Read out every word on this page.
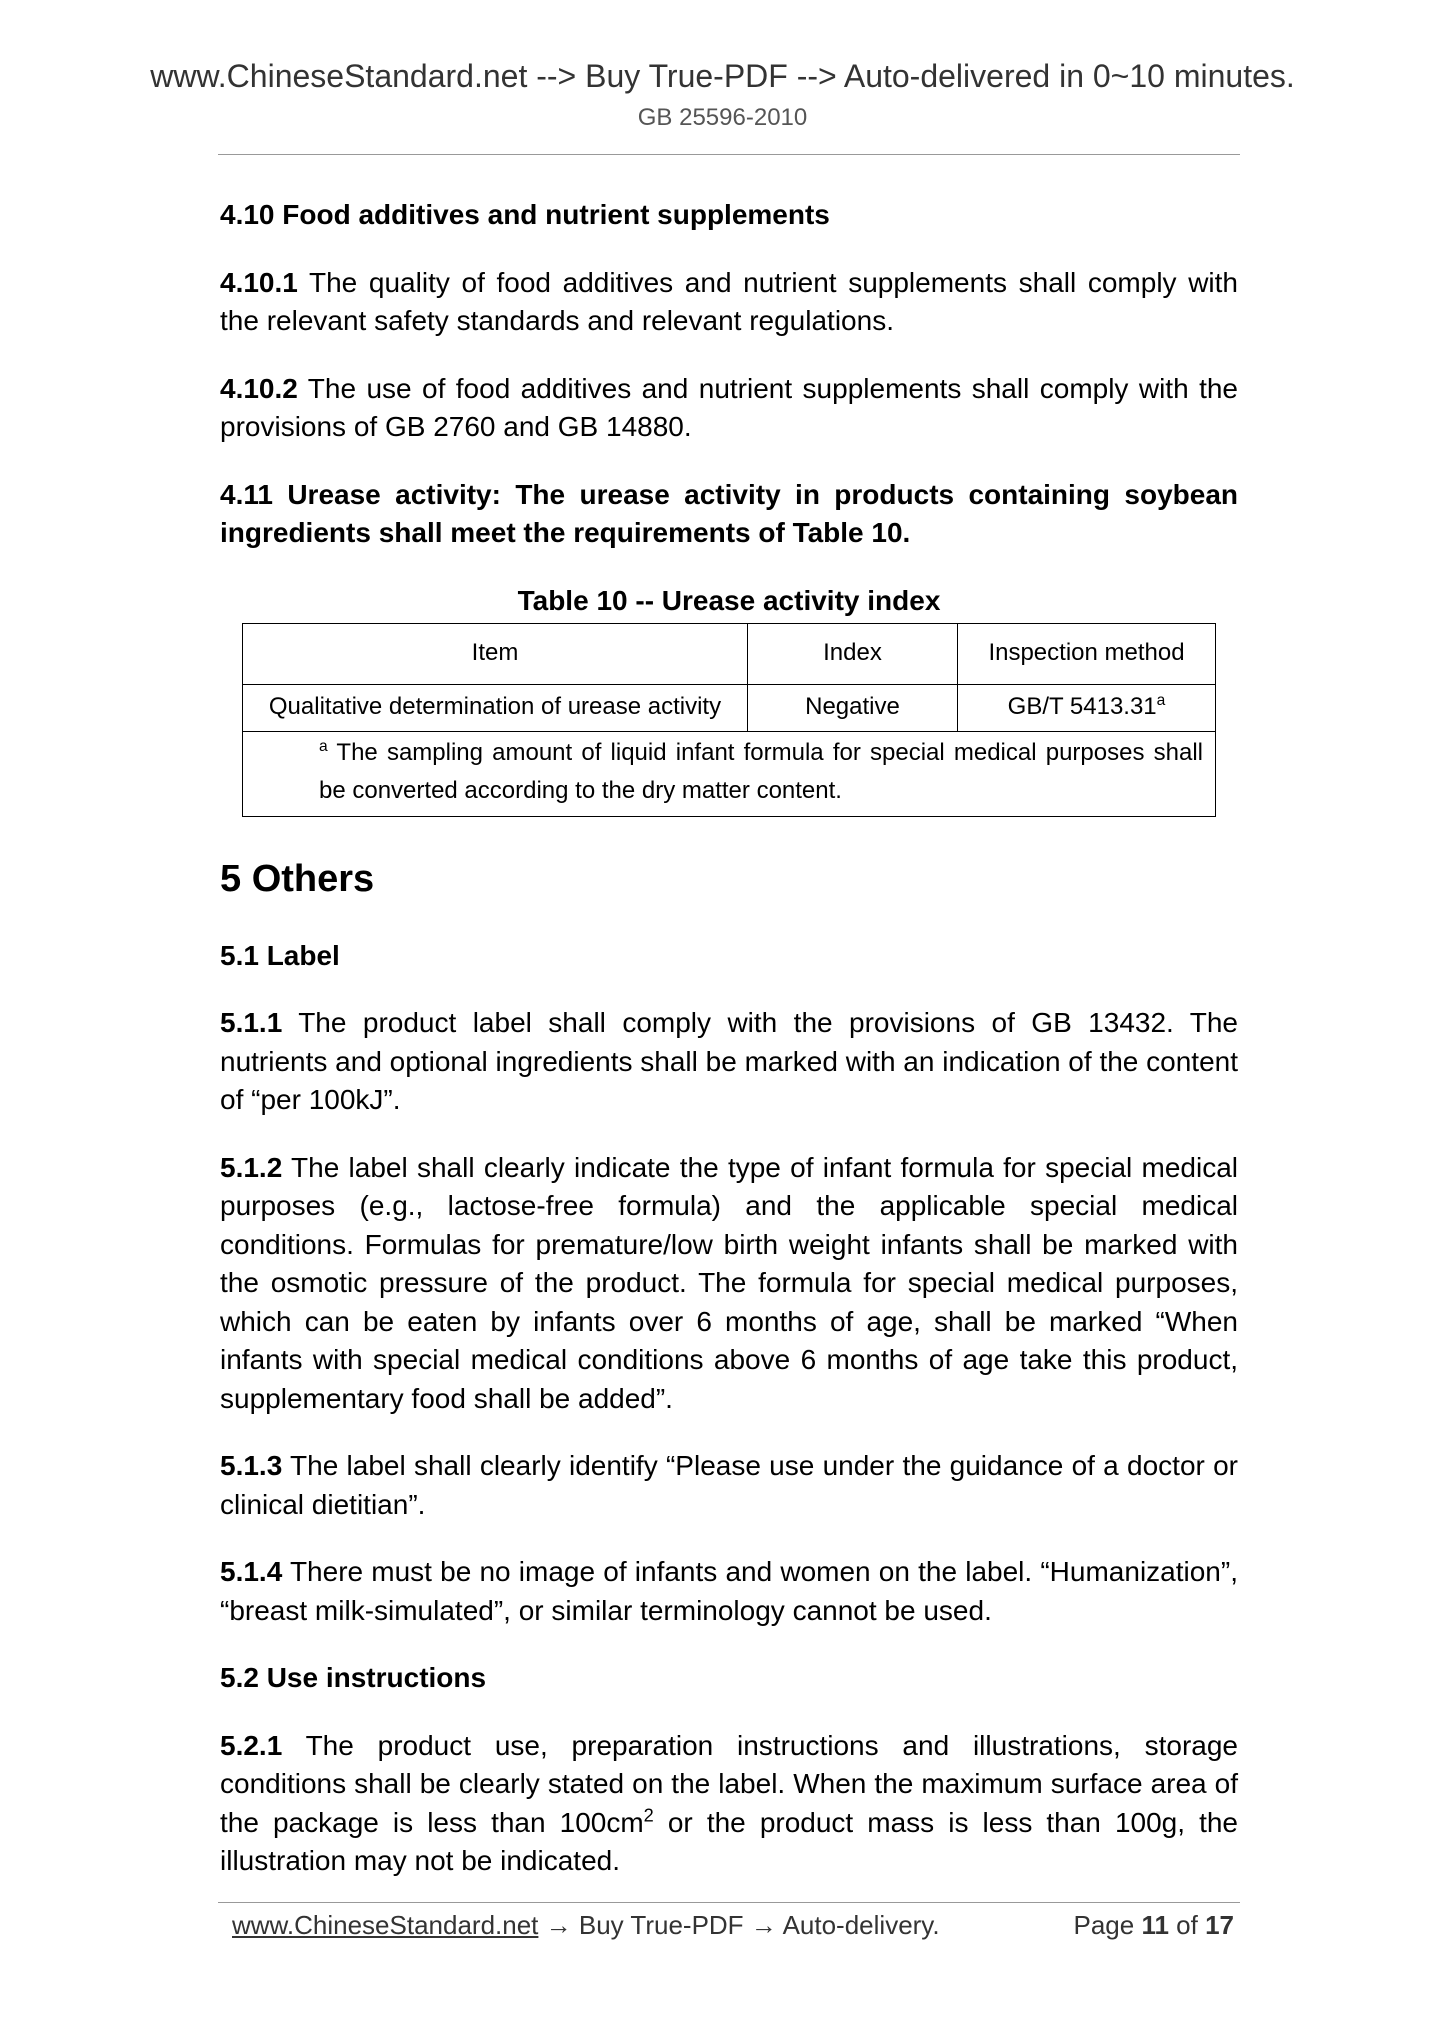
www.ChineseStandard.net --> Buy True-PDF --> Auto-delivered in 0~10 minutes.
GB 25596-2010
4.10 Food additives and nutrient supplements

4.10.1 The quality of food additives and nutrient supplements shall comply with the relevant safety standards and relevant regulations.

4.10.2 The use of food additives and nutrient supplements shall comply with the provisions of GB 2760 and GB 14880.

4.11 Urease activity: The urease activity in products containing soybean ingredients shall meet the requirements of Table 10.

Table 10 -- Urease activity index
Item	Index	Inspection method
Qualitative determination of urease activity	Negative	GB/T 5413.31$^a$
$^a$ The sampling amount of liquid infant formula for special medical purposes shall be converted according to the dry matter content.		
5 Others
5.1 Label

5.1.1 The product label shall comply with the provisions of GB 13432. The nutrients and optional ingredients shall be marked with an indication of the content of “per 100kJ”.

5.1.2 The label shall clearly indicate the type of infant formula for special medical purposes (e.g., lactose-free formula) and the applicable special medical conditions. Formulas for premature/low birth weight infants shall be marked with the osmotic pressure of the product. The formula for special medical purposes, which can be eaten by infants over 6 months of age, shall be marked “When infants with special medical conditions above 6 months of age take this product, supplementary food shall be added”.

5.1.3 The label shall clearly identify “Please use under the guidance of a doctor or clinical dietitian”.

5.1.4 There must be no image of infants and women on the label. “Humanization”, “breast milk-simulated”, or similar terminology cannot be used.

5.2 Use instructions

5.2.1 The product use, preparation instructions and illustrations, storage conditions shall be clearly stated on the label. When the maximum surface area of the package is less than $100cm^2$ or the product mass is less than 100g, the illustration may not be indicated.

www.ChineseStandard.net → Buy True-PDF → Auto-delivery.	Page 11 of 17
